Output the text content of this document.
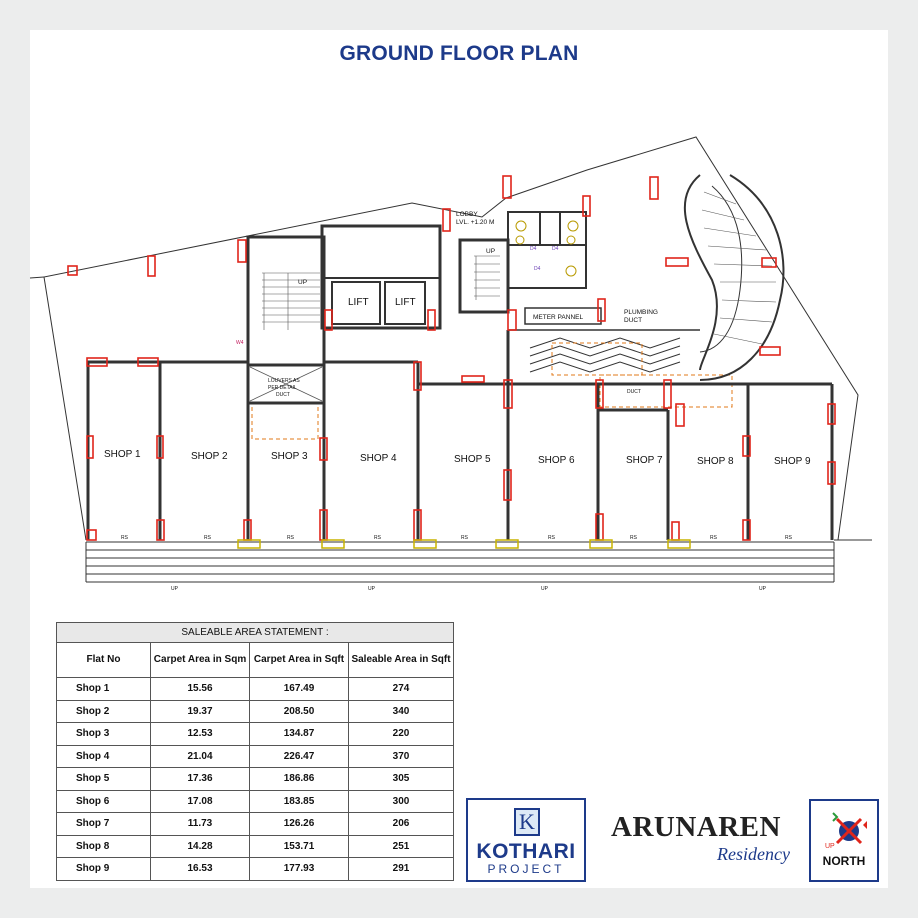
GROUND FLOOR PLAN
LIFT	LIFT
UP
UP
W4
LOBBY
LVL. +1.20 M
D4	D4
D4
METER PANNEL
PLUMBING
DUCT
DUCT
LOUVERS AS
PER DETAIL
DUCT
SHOP 1	SHOP 2	SHOP 3	SHOP 4	SHOP 5	SHOP 6	SHOP 7	SHOP 8	SHOP 9
RS	RS	RS	RS	RS	RS	RS	RS	RS
UP	UP	UP	UP
SALEABLE AREA STATEMENT :			
Flat No	Carpet Area in Sqm	Carpet Area in Sqft	Saleable Area in Sqft
Shop 1	15.56	167.49	274
Shop 2	19.37	208.50	340
Shop 3	12.53	134.87	220
Shop 4	21.04	226.47	370
Shop 5	17.36	186.86	305
Shop 6	17.08	183.85	300
Shop 7	11.73	126.26	206
Shop 8	14.28	153.71	251
Shop 9	16.53	177.93	291
K
KOTHARI
PROJECT
ARUNAREN
Residency	UP
NORTH
